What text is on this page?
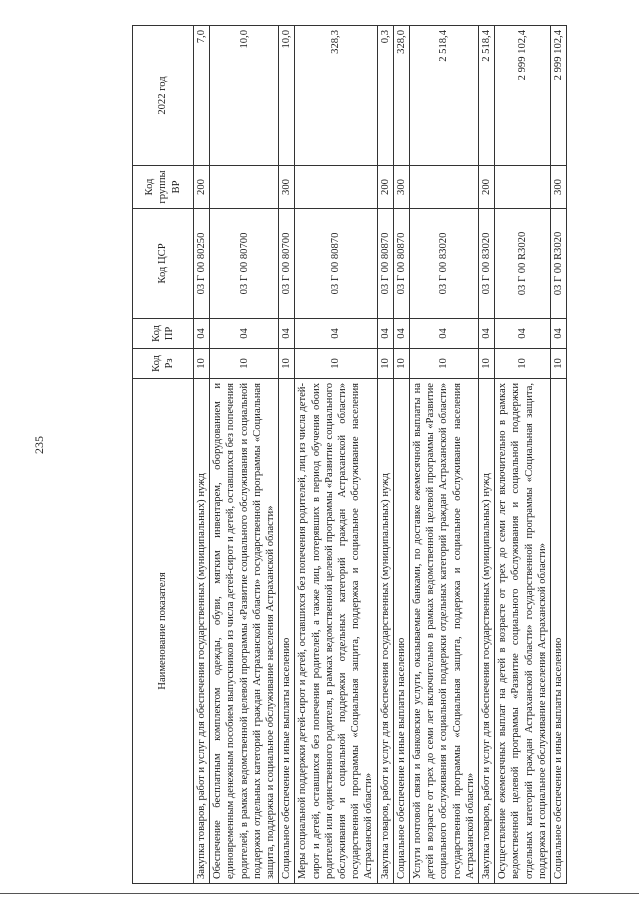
235
Наименование показателя	Код Рз	Код ПР	Код ЦСР	Код группы ВР	2022 год
Закупка товаров, работ и услуг для обеспечения государственных (муниципальных) нужд	10	04	03 Г 00 80250	200	7,0
Обеспечение бесплатным комплектом одежды, обуви, мягким инвентарем, оборудованием и единовременным денежным пособием выпускников из числа детей-сирот и детей, оставшихся без попечения родителей, в рамках ведомственной целевой программы «Развитие социального обслуживания и социальной поддержки отдельных категорий граждан Астраханской области» государственной программы «Социальная защита, поддержка и социальное обслуживание населения Астраханской области»	10	04	03 Г 00 80700		10,0
Социальное обеспечение и иные выплаты населению	10	04	03 Г 00 80700	300	10,0
Меры социальной поддержки детей-сирот и детей, оставшихся без попечения родителей, лиц из числа детей-сирот и детей, оставшихся без попечения родителей, а также лиц, потерявших в период обучения обоих родителей или единственного родителя, в рамках ведомственной целевой программы «Развитие социального обслуживания и социальной поддержки отдельных категорий граждан Астраханской области» государственной программы «Социальная защита, поддержка и социальное обслуживание населения Астраханской области»	10	04	03 Г 00 80870		328,3
Закупка товаров, работ и услуг для обеспечения государственных (муниципальных) нужд	10	04	03 Г 00 80870	200	0,3
Социальное обеспечение и иные выплаты населению	10	04	03 Г 00 80870	300	328,0
Услуги почтовой связи и банковские услуги, оказываемые банками, по доставке ежемесячной выплаты на детей в возрасте от трех до семи лет включительно в рамках ведомственной целевой программы «Развитие социального обслуживания и социальной поддержки отдельных категорий граждан Астраханской области» государственной программы «Социальная защита, поддержка и социальное обслуживание населения Астраханской области»	10	04	03 Г 00 83020		2 518,4
Закупка товаров, работ и услуг для обеспечения государственных (муниципальных) нужд	10	04	03 Г 00 83020	200	2 518,4
Осуществление ежемесячных выплат на детей в возрасте от трех до семи лет включительно в рамках ведомственной целевой программы «Развитие социального обслуживания и социальной поддержки отдельных категорий граждан Астраханской области» государственной программы «Социальная защита, поддержка и социальное обслуживание населения Астраханской области»	10	04	03 Г 00 R3020		2 999 102,4
Социальное обеспечение и иные выплаты населению	10	04	03 Г 00 R3020	300	2 999 102,4
